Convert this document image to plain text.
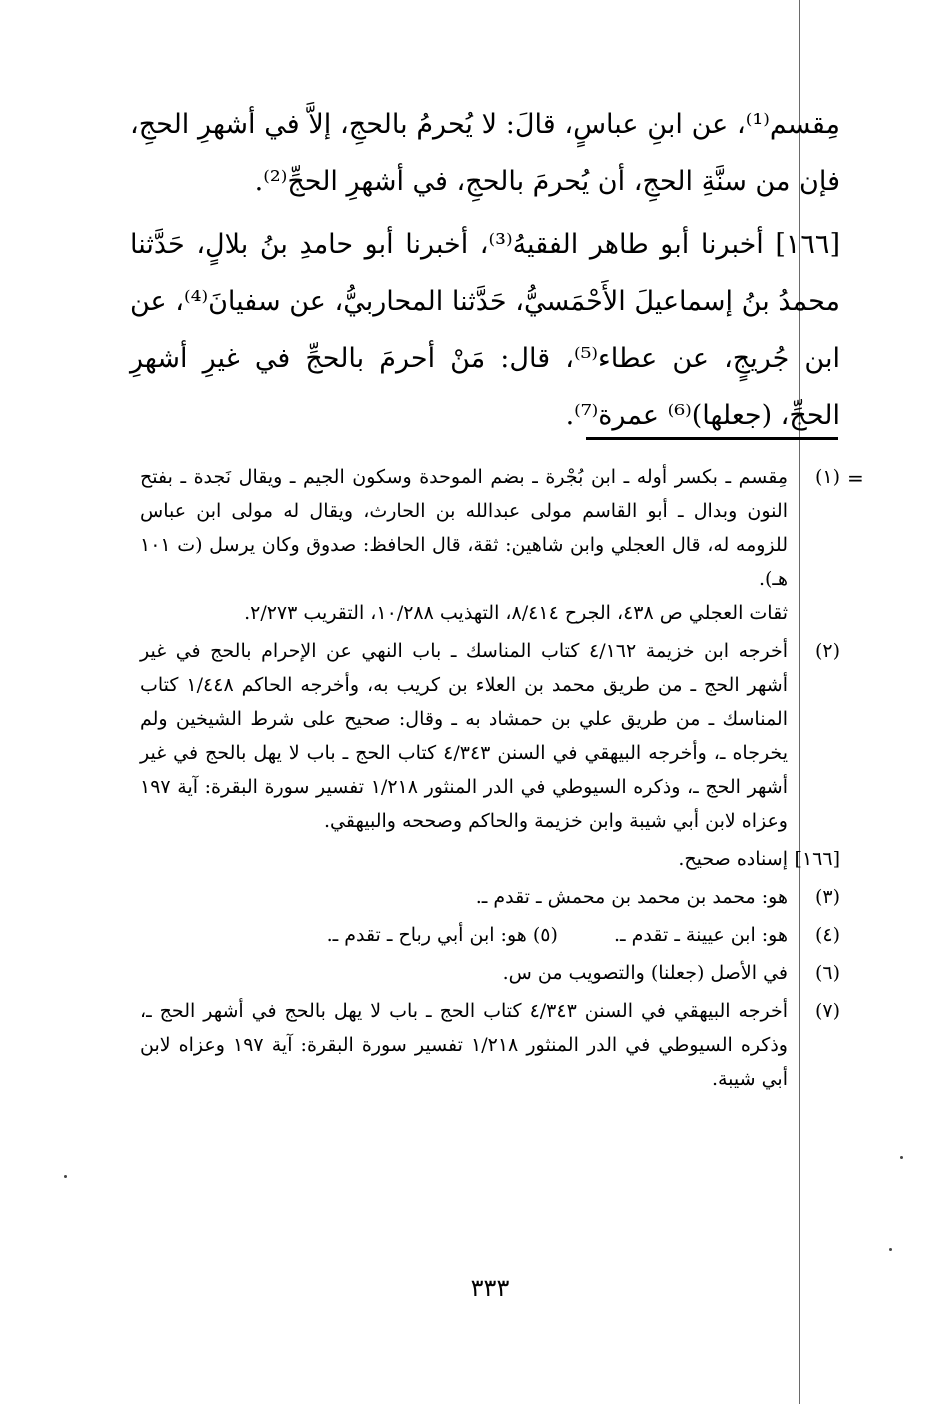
مِقسم⁽¹⁾، عن ابنِ عباسٍ، قالَ: لا يُحرمُ بالحجِ، إلاَّ في أشهرِ الحجِ، فإن من سنَّةِ الحجِ، أن يُحرمَ بالحجِ، في أشهرِ الحجِّ⁽²⁾.

[١٦٦] أخبرنا أبو طاهر الفقيهُ⁽³⁾، أخبرنا أبو حامدِ بنُ بلالٍ، حَدَّثنا محمدُ بنُ إسماعيلَ الأَحْمَسيُّ، حَدَّثنا المحاربيُّ، عن سفيانَ⁽⁴⁾، عن ابن جُريجٍ، عن عطاء⁽⁵⁾، قال: مَنْ أحرمَ بالحجِّ في غيرِ أشهرِ الحجِّ، (جعلها)⁽⁶⁾ عمرة⁽⁷⁾.

=
(١)

مِقسم ـ بكسر أوله ـ ابن بُجْرة ـ بضم الموحدة وسكون الجيم ـ ويقال نَجدة ـ بفتح النون وبدال ـ أبو القاسم مولى عبدالله بن الحارث، ويقال له مولى ابن عباس للزومه له، قال العجلي وابن شاهين: ثقة، قال الحافظ: صدوق وكان يرسل (ت ١٠١ هـ).

ثقات العجلي ص ٤٣٨، الجرح ٨/٤١٤، التهذيب ١٠/٢٨٨، التقريب ٢/٢٧٣.

(٢)

أخرجه ابن خزيمة ٤/١٦٢ كتاب المناسك ـ باب النهي عن الإحرام بالحج في غير أشهر الحج ـ من طريق محمد بن العلاء بن كريب به، وأخرجه الحاكم ١/٤٤٨ كتاب المناسك ـ من طريق علي بن حمشاد به ـ وقال: صحيح على شرط الشيخين ولم يخرجاه ـ، وأخرجه البيهقي في السنن ٤/٣٤٣ كتاب الحج ـ باب لا يهل بالحج في غير أشهر الحج ـ، وذكره السيوطي في الدر المنثور ١/٢١٨ تفسير سورة البقرة: آية ١٩٧ وعزاه لابن أبي شيبة وابن خزيمة والحاكم وصححه والبيهقي.

[١٦٦]

إسناده صحيح.

(٣)

هو: محمد بن محمد بن محمش ـ تقدم ـ.

(٤)

هو: ابن عيينة ـ تقدم ـ.  (٥) هو: ابن أبي رباح ـ تقدم ـ.

(٦)

في الأصل (جعلنا) والتصويب من س.

(٧)

أخرجه البيهقي في السنن ٤/٣٤٣ كتاب الحج ـ باب لا يهل بالحج في أشهر الحج ـ، وذكره السيوطي في الدر المنثور ١/٢١٨ تفسير سورة البقرة: آية ١٩٧ وعزاه لابن أبي شيبة.

٣٣٣
